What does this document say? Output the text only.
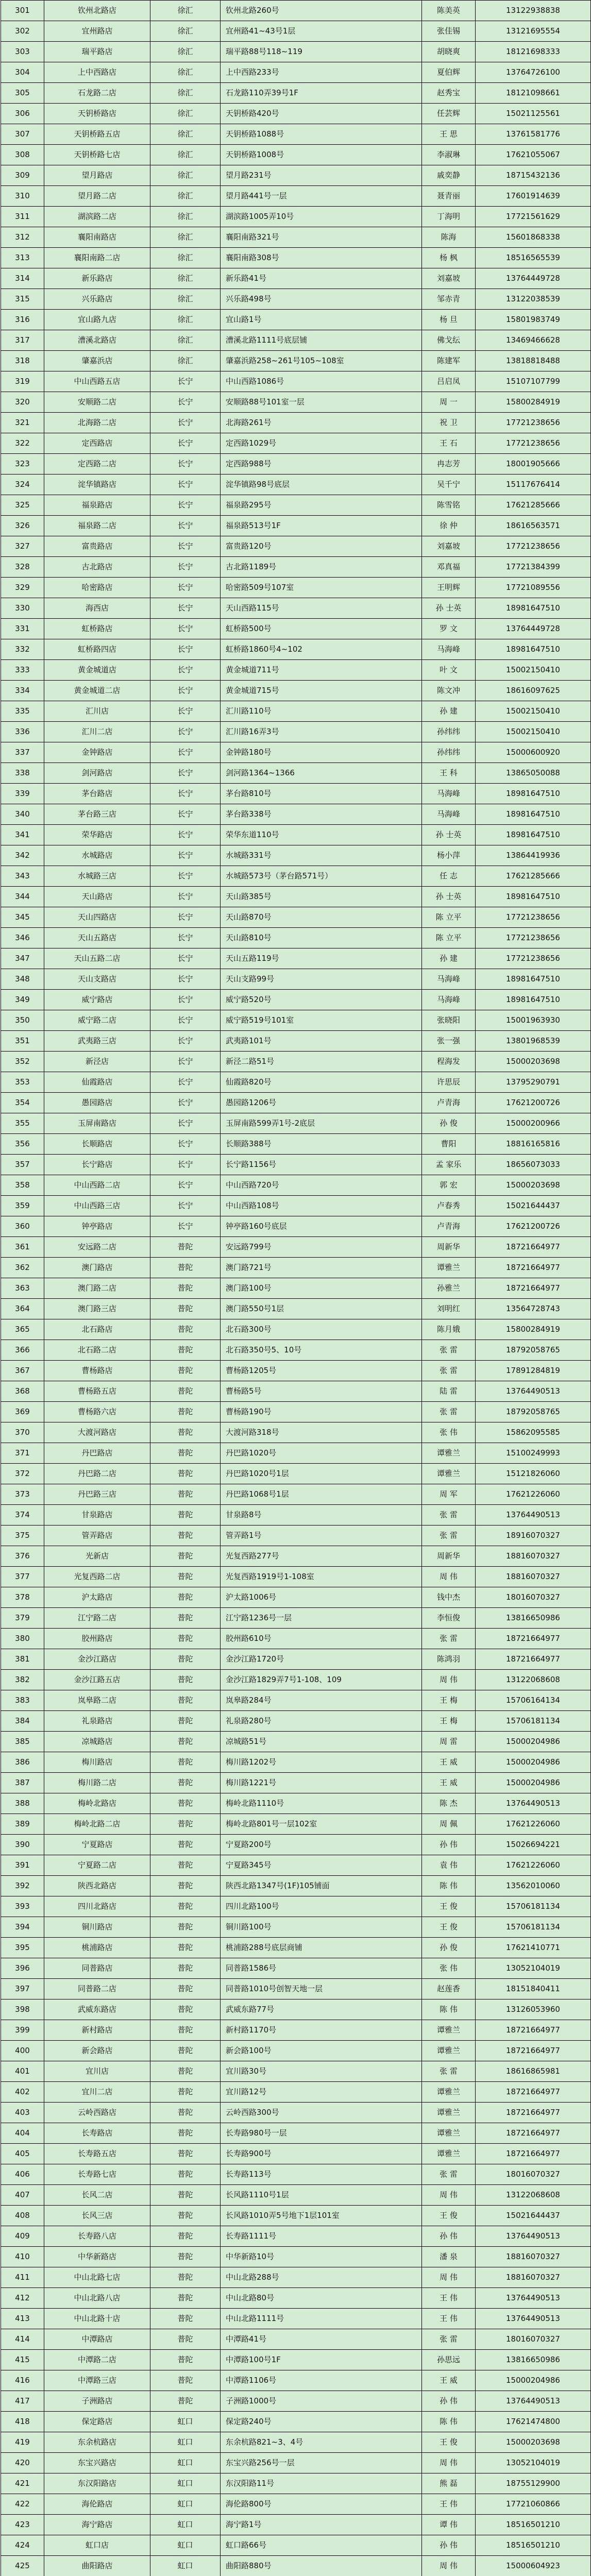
301	钦州北路店	徐汇	钦州北路260号	陈美英	13122938838
302	宜州路店	徐汇	宜州路41~43号1层	张佳锡	13121695554
303	瑞平路店	徐汇	瑞平路88号118~119	胡晓爽	18121698333
304	上中西路店	徐汇	上中西路233号	夏伯辉	13764726100
305	石龙路二店	徐汇	石龙路110弄39号1F	赵秀宝	18121098661
306	天钥桥路店	徐汇	天钥桥路420号	任芸辉	15021125561
307	天钥桥路五店	徐汇	天钥桥路1088号	王 思	13761581776
308	天钥桥路七店	徐汇	天钥桥路1008号	李淑琳	17621055067
309	望月路店	徐汇	望月路231号	戚奕静	18715432136
310	望月路二店	徐汇	望月路441号一层	聂青丽	17601914639
311	湖滨路二店	徐汇	湖滨路1005弄10号	丁海明	17721561629
312	襄阳南路店	徐汇	襄阳南路321号	陈海	15601868338
313	襄阳南路二店	徐汇	襄阳南路308号	杨 枫	18516565539
314	新乐路店	徐汇	新乐路41号	刘嘉坡	13764449728
315	兴乐路店	徐汇	兴乐路498号	邹赤青	13122038539
316	宜山路九店	徐汇	宜山路1号	杨 旦	15801983749
317	漕溪北路店	徐汇	漕溪北路1111号底层铺	佛戈纭	13469466628
318	肇嘉浜店	徐汇	肇嘉浜路258~261号105~108室	陈建军	13818818488
319	中山西路五店	长宁	中山西路1086号	吕启凤	15107107799
320	安顺路二店	长宁	安顺路88号101室一层	周 一	15800284919
321	北海路二店	长宁	北海路261号	祝 卫	17721238656
322	定西路店	长宁	定西路1029号	王 石	17721238656
323	定西路二店	长宁	定西路988号	冉志芳	18001905666
324	淀华镇路店	长宁	淀华镇路98号底层	吴千宁	15117676414
325	福泉路店	长宁	福泉路295号	陈雪铭	17621285666
326	福泉路二店	长宁	福泉路513号1F	徐 仲	18616563571
327	富贵路店	长宁	富贵路120号	刘嘉坡	17721238656
328	古北路店	长宁	古北路1189号	邓真福	17721384399
329	哈密路店	长宁	哈密路509号107室	王明辉	17721089556
330	海西店	长宁	天山西路115号	孙 士英	18981647510
331	虹桥路店	长宁	虹桥路500号	罗 文	13764449728
332	虹桥路四店	长宁	虹桥路1860号4~102	马海峰	18981647510
333	黄金城道店	长宁	黄金城道711号	叶 文	15002150410
334	黄金城道二店	长宁	黄金城道715号	陈文冲	18616097625
335	汇川店	长宁	汇川路110号	孙 建	15002150410
336	汇川二店	长宁	汇川路16弄3号	孙纬纬	15002150410
337	金钟路店	长宁	金钟路180号	孙纬纬	15000600920
338	剑河路店	长宁	剑河路1364~1366	王 科	13865050088
339	茅台路店	长宁	茅台路810号	马海峰	18981647510
340	茅台路三店	长宁	茅台路338号	马海峰	18981647510
341	荣华路店	长宁	荣华东道110号	孙 士英	18981647510
342	水城路店	长宁	水城路331号	杨小萍	13864419936
343	水城路三店	长宁	水城路573号（茅台路571号）	任 志	17621285666
344	天山路店	长宁	天山路385号	孙 士英	18981647510
345	天山四路店	长宁	天山路870号	陈 立平	17721238656
346	天山五路店	长宁	天山路810号	陈 立平	17721238656
347	天山五路二店	长宁	天山五路119号	孙 建	17721238656
348	天山支路店	长宁	天山支路99号	马海峰	18981647510
349	威宁路店	长宁	威宁路520号	马海峰	18981647510
350	威宁路二店	长宁	威宁路519号101室	张晓阳	15001963930
351	武夷路三店	长宁	武夷路101号	张一强	13801968539
352	新泾店	长宁	新泾二路51号	程海发	15000203698
353	仙霞路店	长宁	仙霞路820号	许思辰	13795290791
354	愚园路店	长宁	愚园路1206号	卢青海	17621200726
355	玉屏南路店	长宁	玉屏南路599弄1号-2底层	孙 俊	15000200966
356	长顺路店	长宁	长顺路388号	曹阳	18816165816
357	长宁路店	长宁	长宁路1156号	孟 家乐	18656073033
358	中山西路二店	长宁	中山西路720号	郭 宏	15000203698
359	中山西路三店	长宁	中山西路108号	卢春秀	15021644437
360	钟亭路店	长宁	钟亭路160号底层	卢青海	17621200726
361	安远路二店	普陀	安远路799号	周新华	18721664977
362	澳门路店	普陀	澳门路721号	谭雅兰	18721664977
363	澳门路二店	普陀	澳门路100号	孙雅兰	18721664977
364	澳门路三店	普陀	澳门路550号1层	刘明红	13564728743
365	北石路店	普陀	北石路300号	陈月娥	15800284919
366	北石路二店	普陀	北石路350号5、10号	张 雷	18792058765
367	曹杨路店	普陀	曹杨路1205号	张 雷	17891284819
368	曹杨路五店	普陀	曹杨路5号	陆 雷	13764490513
369	曹杨路六店	普陀	曹杨路190号	张 雷	18792058765
370	大渡河路店	普陀	大渡河路318号	张 伟	15862095585
371	丹巴路店	普陀	丹巴路1020号	谭雅兰	15100249993
372	丹巴路二店	普陀	丹巴路1020号1层	谭雅兰	15121826060
373	丹巴路三店	普陀	丹巴路1068号1层	周 军	17621226060
374	甘泉路店	普陀	甘泉路8号	张 雷	13764490513
375	管弄路店	普陀	管弄路1号	张 雷	18916070327
376	光新店	普陀	光复西路277号	周新华	18816070327
377	光复西路二店	普陀	光复西路1919号1-108室	周 伟	18816070327
378	沪太路店	普陀	沪太路1006号	钱中杰	18016070327
379	江宁路二店	普陀	江宁路1236号一层	李恒俊	13816650986
380	胶州路店	普陀	胶州路610号	张 雷	18721664977
381	金沙江路店	普陀	金沙江路1720号	陈鸿羽	18721664977
382	金沙江路五店	普陀	金沙江路1829弄7号1-108、109	周 伟	13122068608
383	岚皋路二店	普陀	岚皋路284号	王 梅	15706164134
384	礼泉路店	普陀	礼泉路280号	王 梅	15706181134
385	凉城路店	普陀	凉城路51号	周 雷	15000204986
386	梅川路店	普陀	梅川路1202号	王 威	15000204986
387	梅川路二店	普陀	梅川路1221号	王 威	15000204986
388	梅岭北路店	普陀	梅岭北路1110号	陈 杰	13764490513
389	梅岭北路二店	普陀	梅岭北路801号一层102室	周 佩	17621226060
390	宁夏路店	普陀	宁夏路200号	孙 伟	15026694221
391	宁夏路二店	普陀	宁夏路345号	袁 伟	17621226060
392	陕西北路店	普陀	陕西北路1347号(1F)105铺面	陈 伟	13562010060
393	四川北路店	普陀	四川北路100号	王 俊	15706181134
394	铜川路店	普陀	铜川路100号	王 俊	15706181134
395	桃浦路店	普陀	桃浦路288号底层商铺	孙 俊	17621410771
396	同普路店	普陀	同普路1586号	张 伟	13052104019
397	同普路二店	普陀	同普路1010号创智天地一层	赵莲香	18151840411
398	武威东路店	普陀	武威东路77号	陈 伟	13126053960
399	新村路店	普陀	新村路1170号	谭雅兰	18721664977
400	新会路店	普陀	新会路100号	谭雅兰	18721664977
401	宜川店	普陀	宜川路30号	张 雷	18616865981
402	宜川二店	普陀	宜川路12号	谭雅兰	18721664977
403	云岭西路店	普陀	云岭西路300号	谭雅兰	18721664977
404	长寿路店	普陀	长寿路980号一层	谭雅兰	18721664977
405	长寿路五店	普陀	长寿路900号	谭雅兰	18721664977
406	长寿路七店	普陀	长寿路113号	张 雷	18016070327
407	长风二店	普陀	长风路1110号1层	周 伟	13122068608
408	长风三店	普陀	长风路1010弄5号地下1层101室	王 俊	15021644437
409	长寿路八店	普陀	长寿路1111号	孙 伟	13764490513
410	中华新路店	普陀	中华新路10号	潘 泉	18816070327
411	中山北路七店	普陀	中山北路288号	周 伟	18816070327
412	中山北路八店	普陀	中山北路80号	王 伟	13764490513
413	中山北路十店	普陀	中山北路1111号	王 伟	13764490513
414	中潭路店	普陀	中潭路41号	张 雷	18016070327
415	中潭路二店	普陀	中潭路100号1F	孙思远	13816650986
416	中潭路三店	普陀	中潭路1106号	王 威	15000204986
417	子洲路店	普陀	子洲路1000号	孙 伟	13764490513
418	保定路店	虹口	保定路240号	陈 伟	17621474800
419	东余杭路店	虹口	东余杭路821~3、4号	王 俊	15000203698
420	东宝兴路店	虹口	东宝兴路256号一层	周 伟	13052104019
421	东汉阳路店	虹口	东汉阳路11号	熊 磊	18755129900
422	海伦路店	虹口	海伦路800号	王 伟	17721060866
423	海宁路店	虹口	海宁路1号	谭 伟	18516501210
424	虹口店	虹口	虹口路66号	孙 伟	18516501210
425	曲阳路店	虹口	曲阳路880号	周 伟	15000604923
